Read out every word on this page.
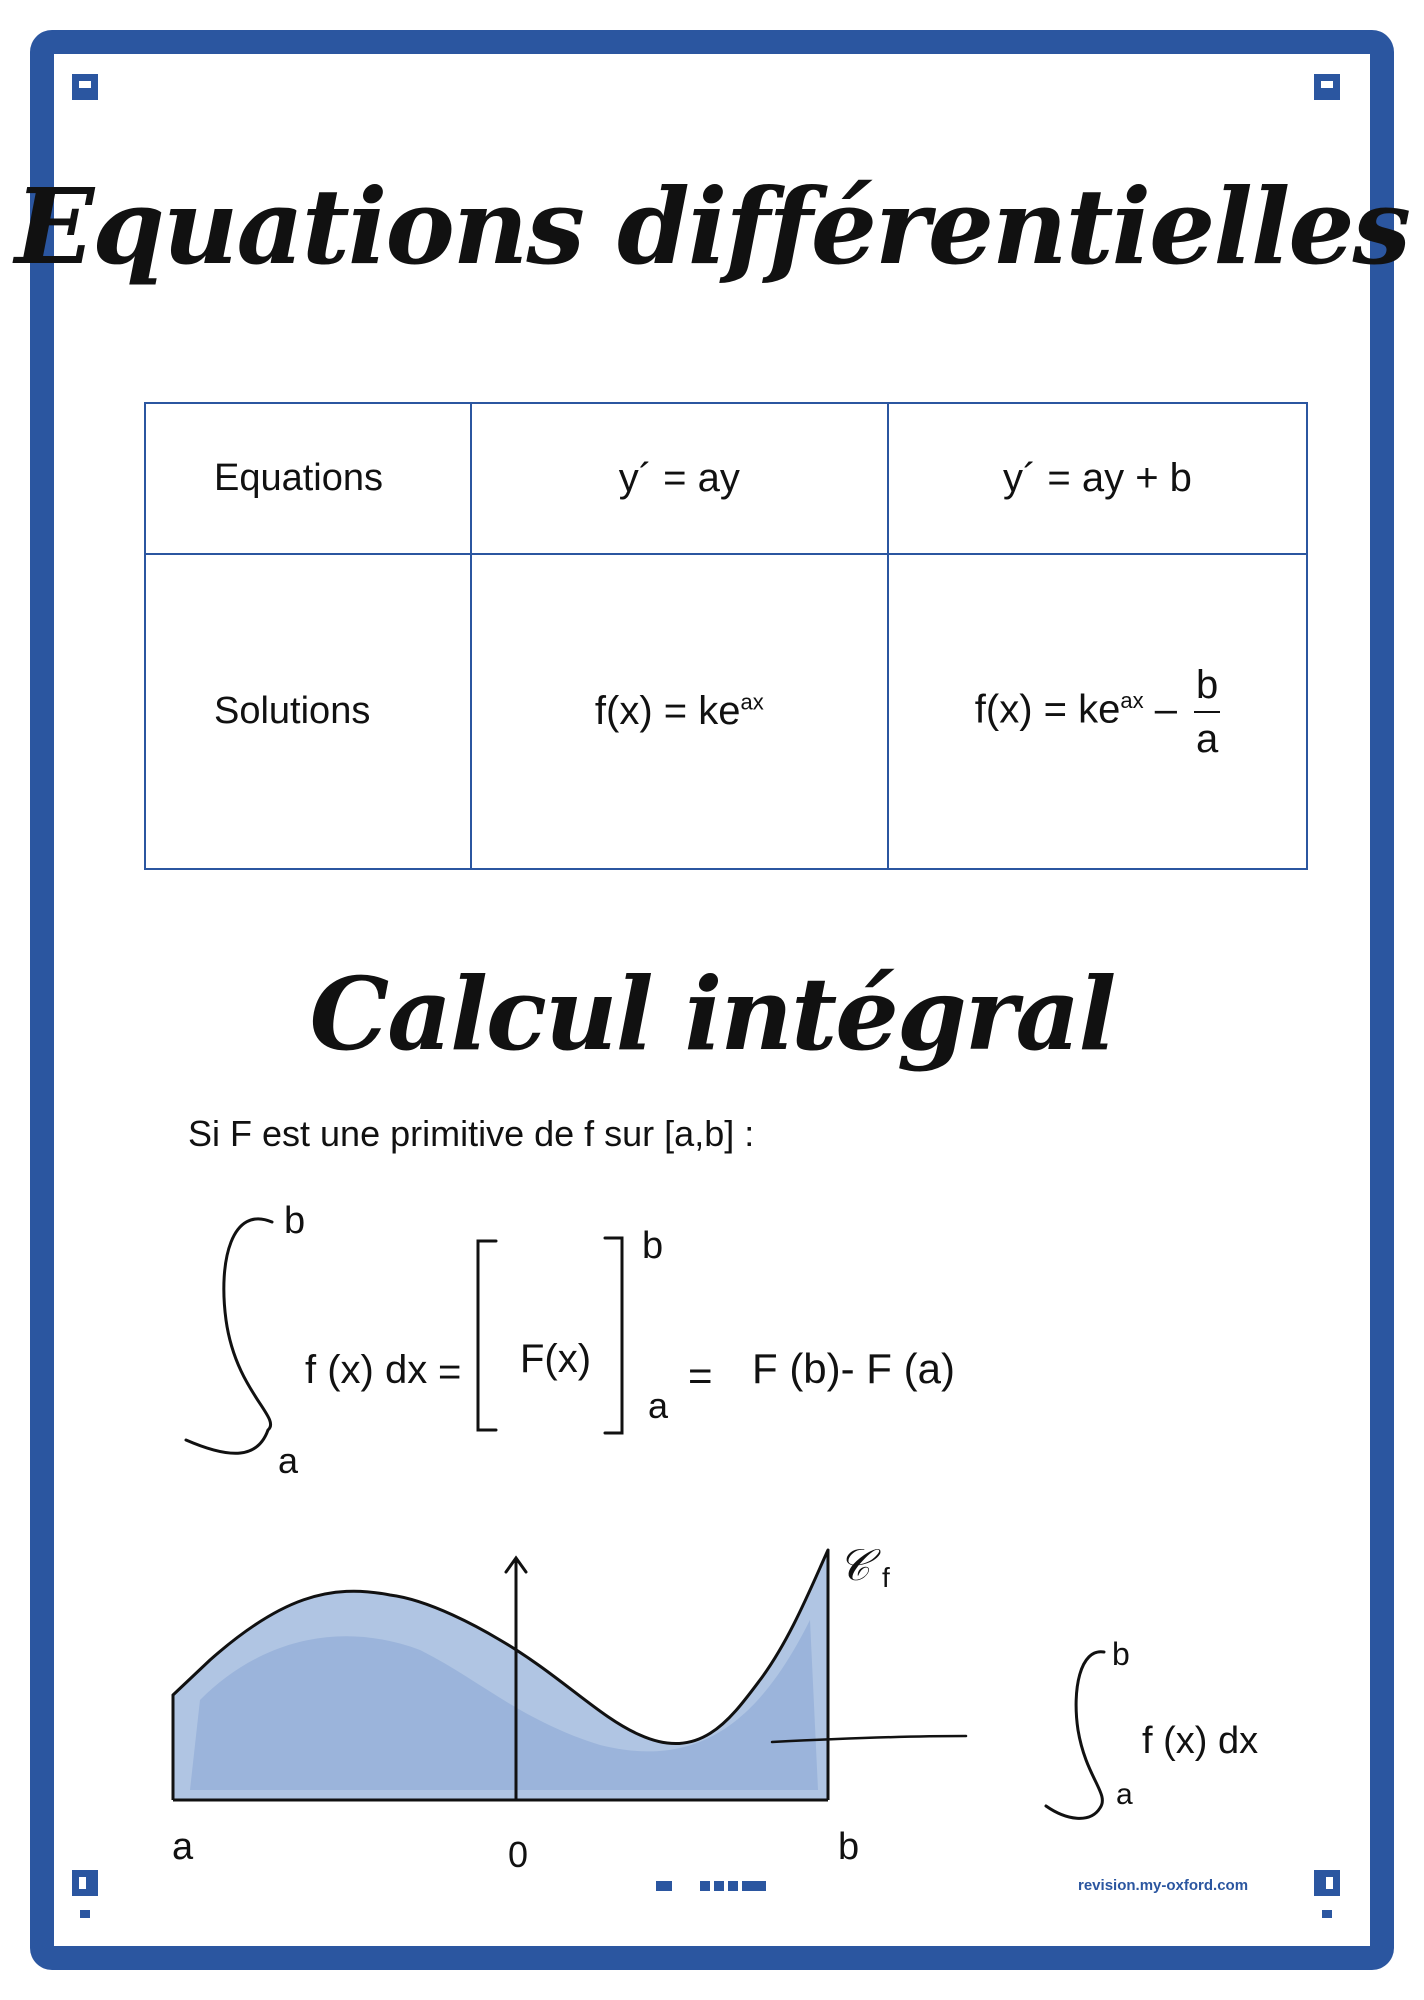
Equations différentielles
Equations	y´ = ay	y´ = ay + b
Solutions	$f(x) = ke^{ax}$	$f(x) = ke^{ax} - \frac{b}{a}$
Calcul intégral
Si F est une primitive de f sur [a,b] :
b
a
f (x) dx = F(x)
b
a
= F (b)- F (a)
𝒞 f
a	0	b
b
a
f (x) dx
revision.my-oxford.com
